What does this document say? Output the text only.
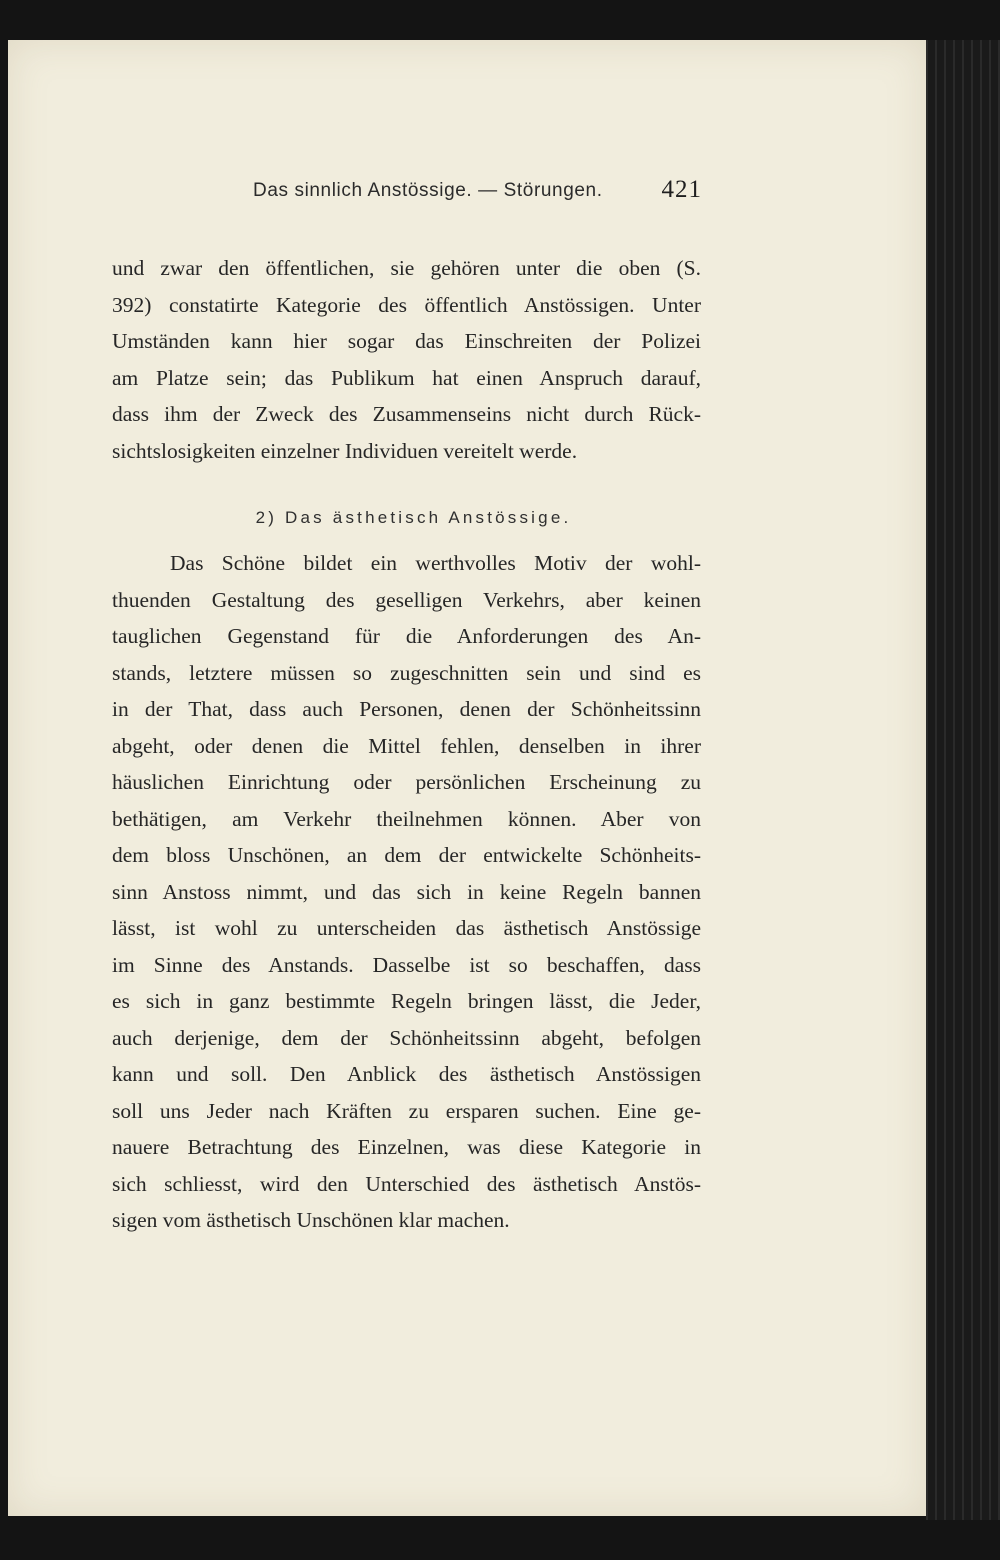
Das sinnlich Anstössige. — Störungen. 421
und zwar den öffentlichen, sie gehören unter die oben (S.
392) constatirte Kategorie des öffentlich Anstössigen. Unter
Umständen kann hier sogar das Einschreiten der Polizei
am Platze sein; das Publikum hat einen Anspruch darauf,
dass ihm der Zweck des Zusammenseins nicht durch Rück-
sichtslosigkeiten einzelner Individuen vereitelt werde.
2) Das ästhetisch Anstössige.
Das Schöne bildet ein werthvolles Motiv der wohl-
thuenden Gestaltung des geselligen Verkehrs, aber keinen
tauglichen Gegenstand für die Anforderungen des An-
stands, letztere müssen so zugeschnitten sein und sind es
in der That, dass auch Personen, denen der Schönheitssinn
abgeht, oder denen die Mittel fehlen, denselben in ihrer
häuslichen Einrichtung oder persönlichen Erscheinung zu
bethätigen, am Verkehr theilnehmen können. Aber von
dem bloss Unschönen, an dem der entwickelte Schönheits-
sinn Anstoss nimmt, und das sich in keine Regeln bannen
lässt, ist wohl zu unterscheiden das ästhetisch Anstössige
im Sinne des Anstands. Dasselbe ist so beschaffen, dass
es sich in ganz bestimmte Regeln bringen lässt, die Jeder,
auch derjenige, dem der Schönheitssinn abgeht, befolgen
kann und soll. Den Anblick des ästhetisch Anstössigen
soll uns Jeder nach Kräften zu ersparen suchen. Eine ge-
nauere Betrachtung des Einzelnen, was diese Kategorie in
sich schliesst, wird den Unterschied des ästhetisch Anstös-
sigen vom ästhetisch Unschönen klar machen.
